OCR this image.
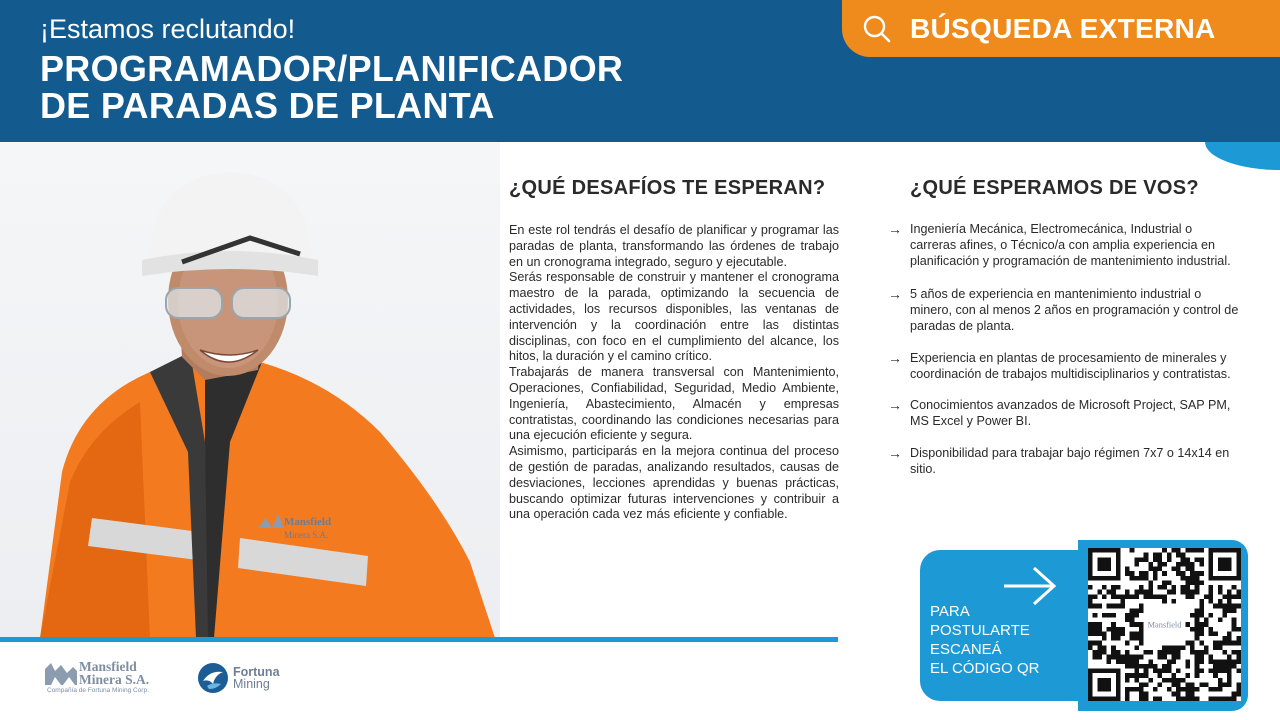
¡Estamos reclutando!
PROGRAMADOR/PLANIFICADOR
DE PARADAS DE PLANTA
BÚSQUEDA EXTERNA
Mansfield
Minera S.A.
¿QUÉ DESAFÍOS TE ESPERAN?

En este rol tendrás el desafío de planificar y programar las paradas de planta, transformando las órdenes de trabajo en un cronograma integrado, seguro y ejecutable.

Serás responsable de construir y mantener el cronograma maestro de la parada, optimizando la secuencia de actividades, los recursos disponibles, las ventanas de intervención y la coordinación entre las distintas disciplinas, con foco en el cumplimiento del alcance, los hitos, la duración y el camino crítico.

Trabajarás de manera transversal con Mantenimiento, Operaciones, Confiabilidad, Seguridad, Medio Ambiente, Ingeniería, Abastecimiento, Almacén y empresas contratistas, coordinando las condiciones necesarias para una ejecución eficiente y segura.

Asimismo, participarás en la mejora continua del proceso de gestión de paradas, analizando resultados, causas de desviaciones, lecciones aprendidas y buenas prácticas, buscando optimizar futuras intervenciones y contribuir a una operación cada vez más eficiente y confiable.

¿QUÉ ESPERAMOS DE VOS?
→ Ingeniería Mecánica, Electromecánica, Industrial o carreras afines, o Técnico/a con amplia experiencia en planificación y programación de mantenimiento industrial.
→ 5 años de experiencia en mantenimiento industrial o minero, con al menos 2 años en programación y control de paradas de planta.
→ Experiencia en plantas de procesamiento de minerales y coordinación de trabajos multidisciplinarios y contratistas.
→ Conocimientos avanzados de Microsoft Project, SAP PM, MS Excel y Power BI.
→ Disponibilidad para trabajar bajo régimen 7x7 o 14x14 en sitio.
PARA
POSTULARTE
ESCANEÁ
EL CÓDIGO QR
Mansfield
Mansfield
Minera S.A.
Compañía de Fortuna Mining Corp.
Fortuna
Mining
